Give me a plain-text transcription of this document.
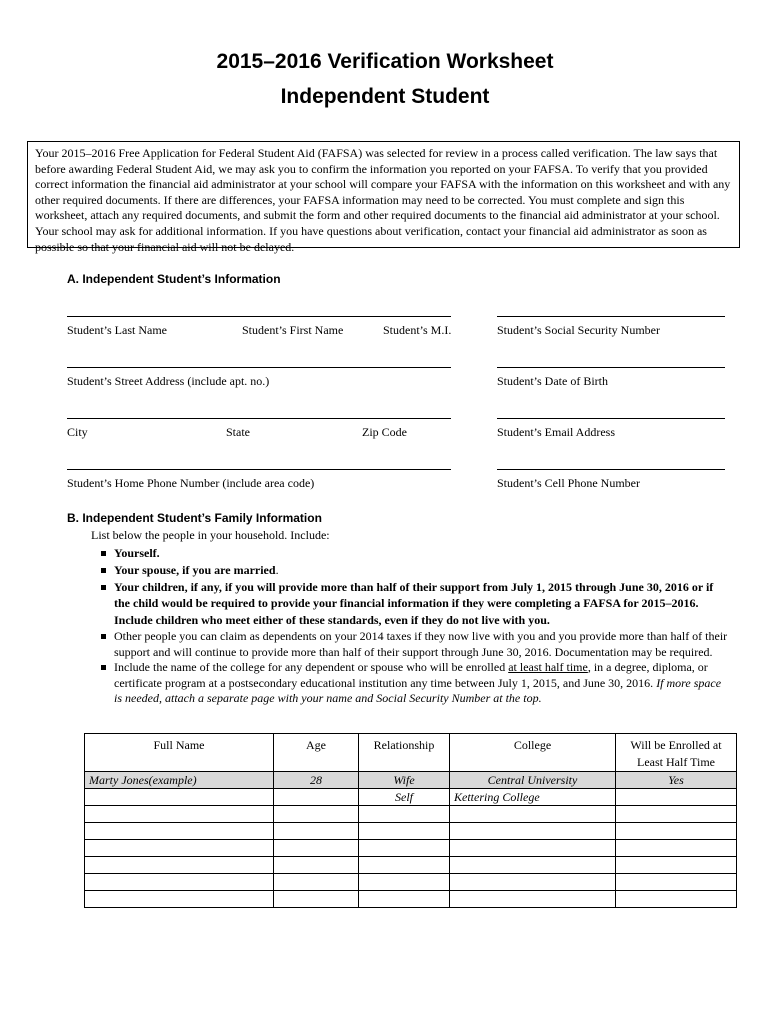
2015–2016 Verification Worksheet
Independent Student
Your 2015–2016 Free Application for Federal Student Aid (FAFSA) was selected for review in a process called verification. The law says that before awarding Federal Student Aid, we may ask you to confirm the information you reported on your FAFSA. To verify that you provided correct information the financial aid administrator at your school will compare your FAFSA with the information on this worksheet and with any other required documents. If there are differences, your FAFSA information may need to be corrected. You must complete and sign this worksheet, attach any required documents, and submit the form and other required documents to the financial aid administrator at your school. Your school may ask for additional information. If you have questions about verification, contact your financial aid administrator as soon as possible so that your financial aid will not be delayed.
A. Independent Student’s Information
Student’s Last Name	Student’s First Name	Student’s M.I.	Student’s Social Security Number
Student’s Street Address (include apt. no.)	Student’s Date of Birth
City	State	Zip Code	Student’s Email Address
Student’s Home Phone Number (include area code)	Student’s Cell Phone Number
B. Independent Student’s Family Information
List below the people in your household. Include:
Yourself.
Your spouse, if you are married.
Your children, if any, if you will provide more than half of their support from July 1, 2015 through June 30, 2016 or if the child would be required to provide your financial information if they were completing a FAFSA for 2015–2016. Include children who meet either of these standards, even if they do not live with you.
Other people you can claim as dependents on your 2014 taxes if they now live with you and you provide more than half of their support and will continue to provide more than half of their support through June 30, 2016. Documentation may be required.
Include the name of the college for any dependent or spouse who will be enrolled at least half time, in a degree, diploma, or certificate program at a postsecondary educational institution any time between July 1, 2015, and June 30, 2016. If more space is needed, attach a separate page with your name and Social Security Number at the top.
Full Name	Age	Relationship	College	Will be Enrolled at Least Half Time
Marty Jones(example)	28	Wife	Central University	Yes
		Self	Kettering College	
